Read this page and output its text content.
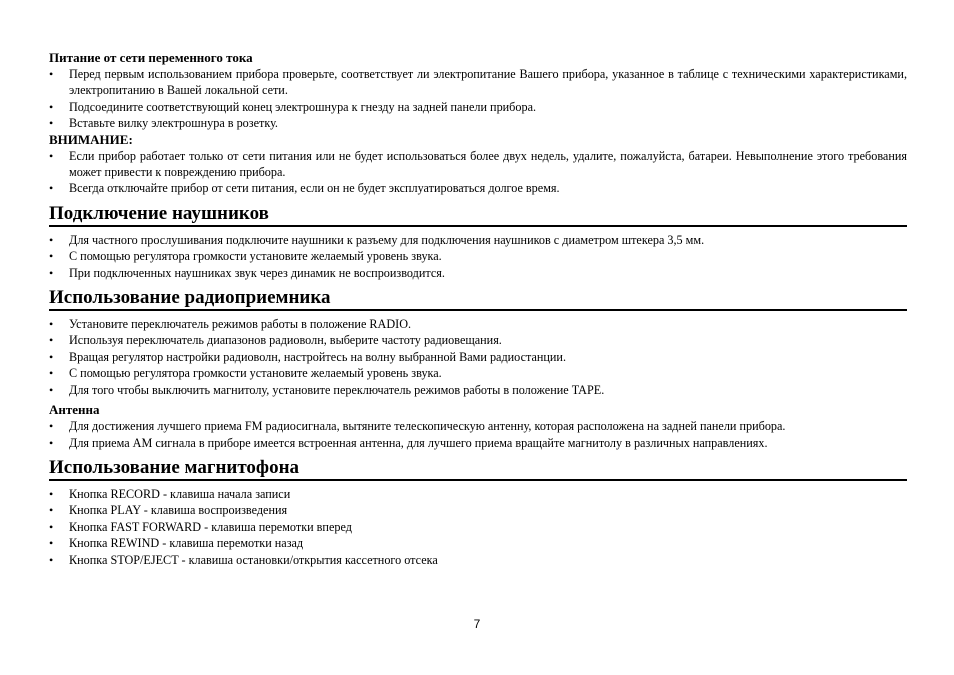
Питание от сети переменного тока

•	Перед первым использованием прибора проверьте, соответствует ли электропитание Вашего прибора, указанное в таблице с техническими характеристиками, электропитанию в Вашей локальной сети.
•	Подсоедините соответствующий конец электрошнура к гнезду на задней панели прибора.
•	Вставьте вилку электрошнура в розетку.

ВНИМАНИЕ:

•	Если прибор работает только от сети питания или не будет использоваться более двух недель, удалите, пожалуйста, батареи. Невыполнение этого требования может привести к повреждению прибора.
•	Всегда отключайте прибор от сети питания, если он не будет эксплуатироваться долгое время.
Подключение наушников
•	Для частного прослушивания подключите наушники к разъему для подключения наушников с диаметром штекера 3,5 мм.
•	С помощью регулятора громкости установите желаемый уровень звука.
•	При подключенных наушниках звук через динамик не воспроизводится.
Использование радиоприемника
•	Установите переключатель режимов работы в положение RADIO.
•	Используя переключатель диапазонов радиоволн, выберите частоту радиовещания.
•	Вращая регулятор настройки радиоволн, настройтесь на волну выбранной Вами радиостанции.
•	С помощью регулятора громкости установите желаемый уровень звука.
•	Для того чтобы выключить магнитолу, установите переключатель режимов работы в положение TAPE.

Антенна

•	Для достижения лучшего приема FM радиосигнала, вытяните телескопическую антенну, которая расположена на задней панели прибора.
•	Для приема AM сигнала в приборе имеется встроенная антенна, для лучшего приема вращайте магнитолу в различных направлениях.
Использование магнитофона
•	Кнопка RECORD - клавиша начала записи
•	Кнопка PLAY - клавиша воспроизведения
•	Кнопка FAST FORWARD - клавиша перемотки вперед
•	Кнопка REWIND - клавиша перемотки назад
•	Кнопка STOP/EJECT - клавиша остановки/открытия кассетного отсека
7
